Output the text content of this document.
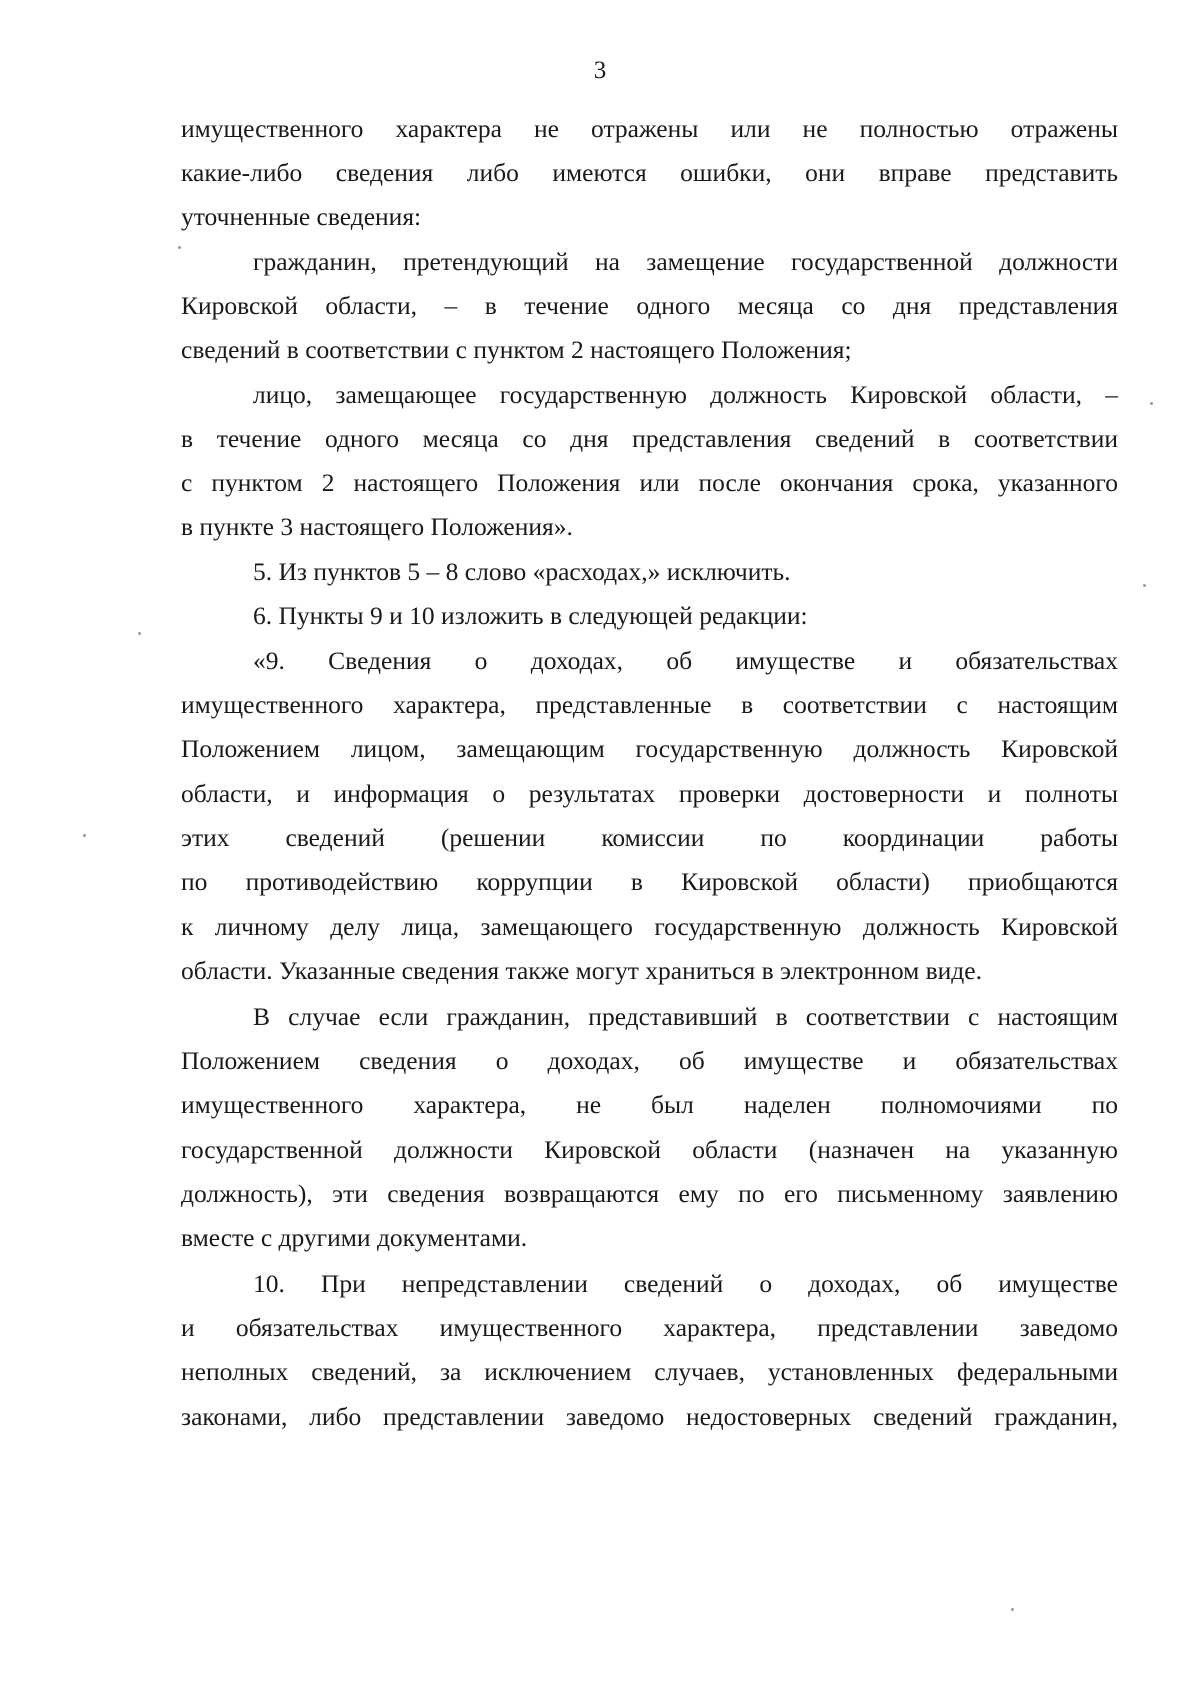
3
имущественного характера не отражены или не полностью отражены
какие-либо сведения либо имеются ошибки, они вправе представить
уточненные сведения:
гражданин, претендующий на замещение государственной должности
Кировской области, – в течение одного месяца со дня представления
сведений в соответствии с пунктом 2 настоящего Положения;
лицо, замещающее государственную должность Кировской области, –
в течение одного месяца со дня представления сведений в соответствии
с пунктом 2 настоящего Положения или после окончания срока, указанного
в пункте 3 настоящего Положения».
5. Из пунктов 5 – 8 слово «расходах,» исключить.
6. Пункты 9 и 10 изложить в следующей редакции:
«9. Сведения о доходах, об имуществе и обязательствах
имущественного характера, представленные в соответствии с настоящим
Положением лицом, замещающим государственную должность Кировской
области, и информация о результатах проверки достоверности и полноты
этих сведений (решении комиссии по координации работы
по противодействию коррупции в Кировской области) приобщаются
к личному делу лица, замещающего государственную должность Кировской
области. Указанные сведения также могут храниться в электронном виде.
В случае если гражданин, представивший в соответствии с настоящим
Положением сведения о доходах, об имуществе и обязательствах
имущественного характера, не был наделен полномочиями по
государственной должности Кировской области (назначен на указанную
должность), эти сведения возвращаются ему по его письменному заявлению
вместе с другими документами.
10. При непредставлении сведений о доходах, об имуществе
и обязательствах имущественного характера, представлении заведомо
неполных сведений, за исключением случаев, установленных федеральными
законами, либо представлении заведомо недостоверных сведений гражданин,
